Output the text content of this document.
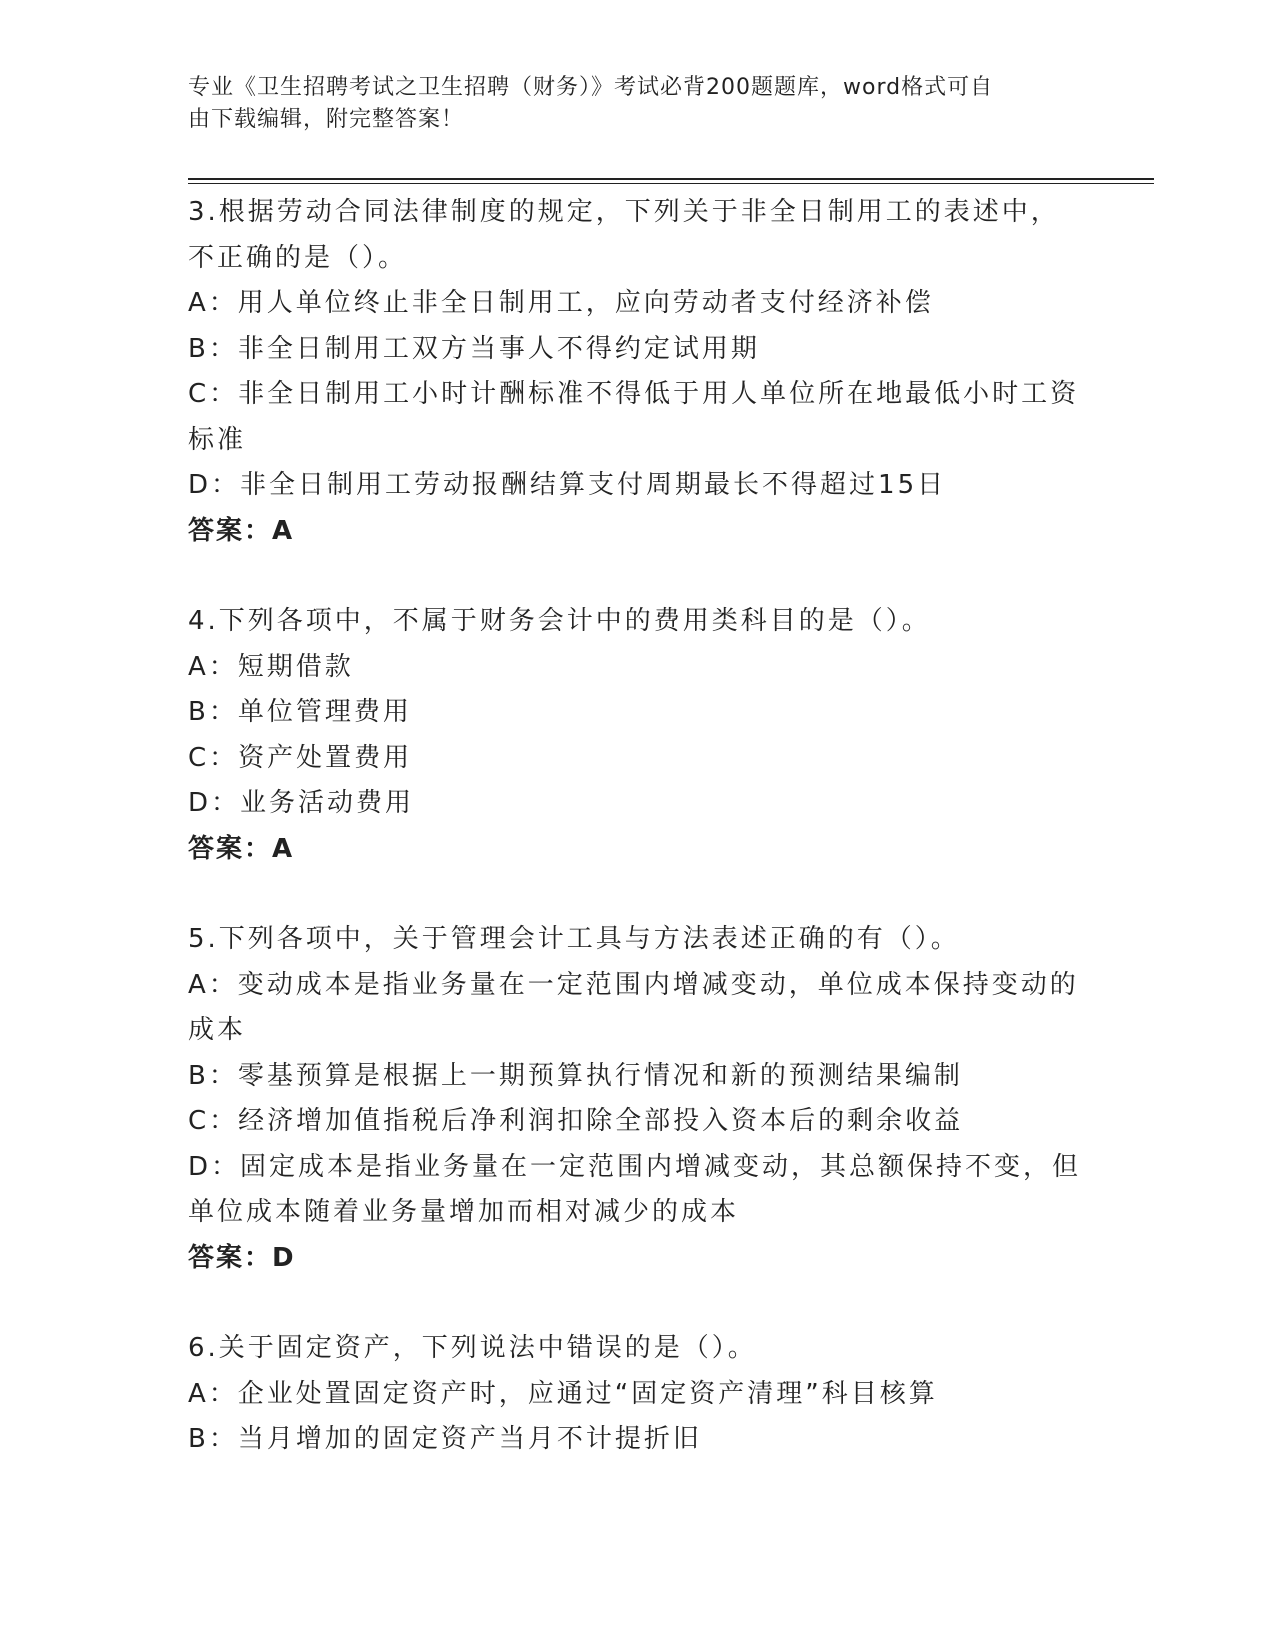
专业《卫生招聘考试之卫生招聘（财务）》考试必背200题题库，word格式可自
由下载编辑，附完整答案！
3.根据劳动合同法律制度的规定，下列关于非全日制用工的表述中，
不正确的是（）。
A：用人单位终止非全日制用工，应向劳动者支付经济补偿
B：非全日制用工双方当事人不得约定试用期
C：非全日制用工小时计酬标准不得低于用人单位所在地最低小时工资
标准
D：非全日制用工劳动报酬结算支付周期最长不得超过15日
答案：A
4.下列各项中，不属于财务会计中的费用类科目的是（）。
A：短期借款
B：单位管理费用
C：资产处置费用
D：业务活动费用
答案：A
5.下列各项中，关于管理会计工具与方法表述正确的有（）。
A：变动成本是指业务量在一定范围内增减变动，单位成本保持变动的
成本
B：零基预算是根据上一期预算执行情况和新的预测结果编制
C：经济增加值指税后净利润扣除全部投入资本后的剩余收益
D：固定成本是指业务量在一定范围内增减变动，其总额保持不变，但
单位成本随着业务量增加而相对减少的成本
答案：D
6.关于固定资产，下列说法中错误的是（）。
A：企业处置固定资产时，应通过“固定资产清理”科目核算
B：当月增加的固定资产当月不计提折旧
